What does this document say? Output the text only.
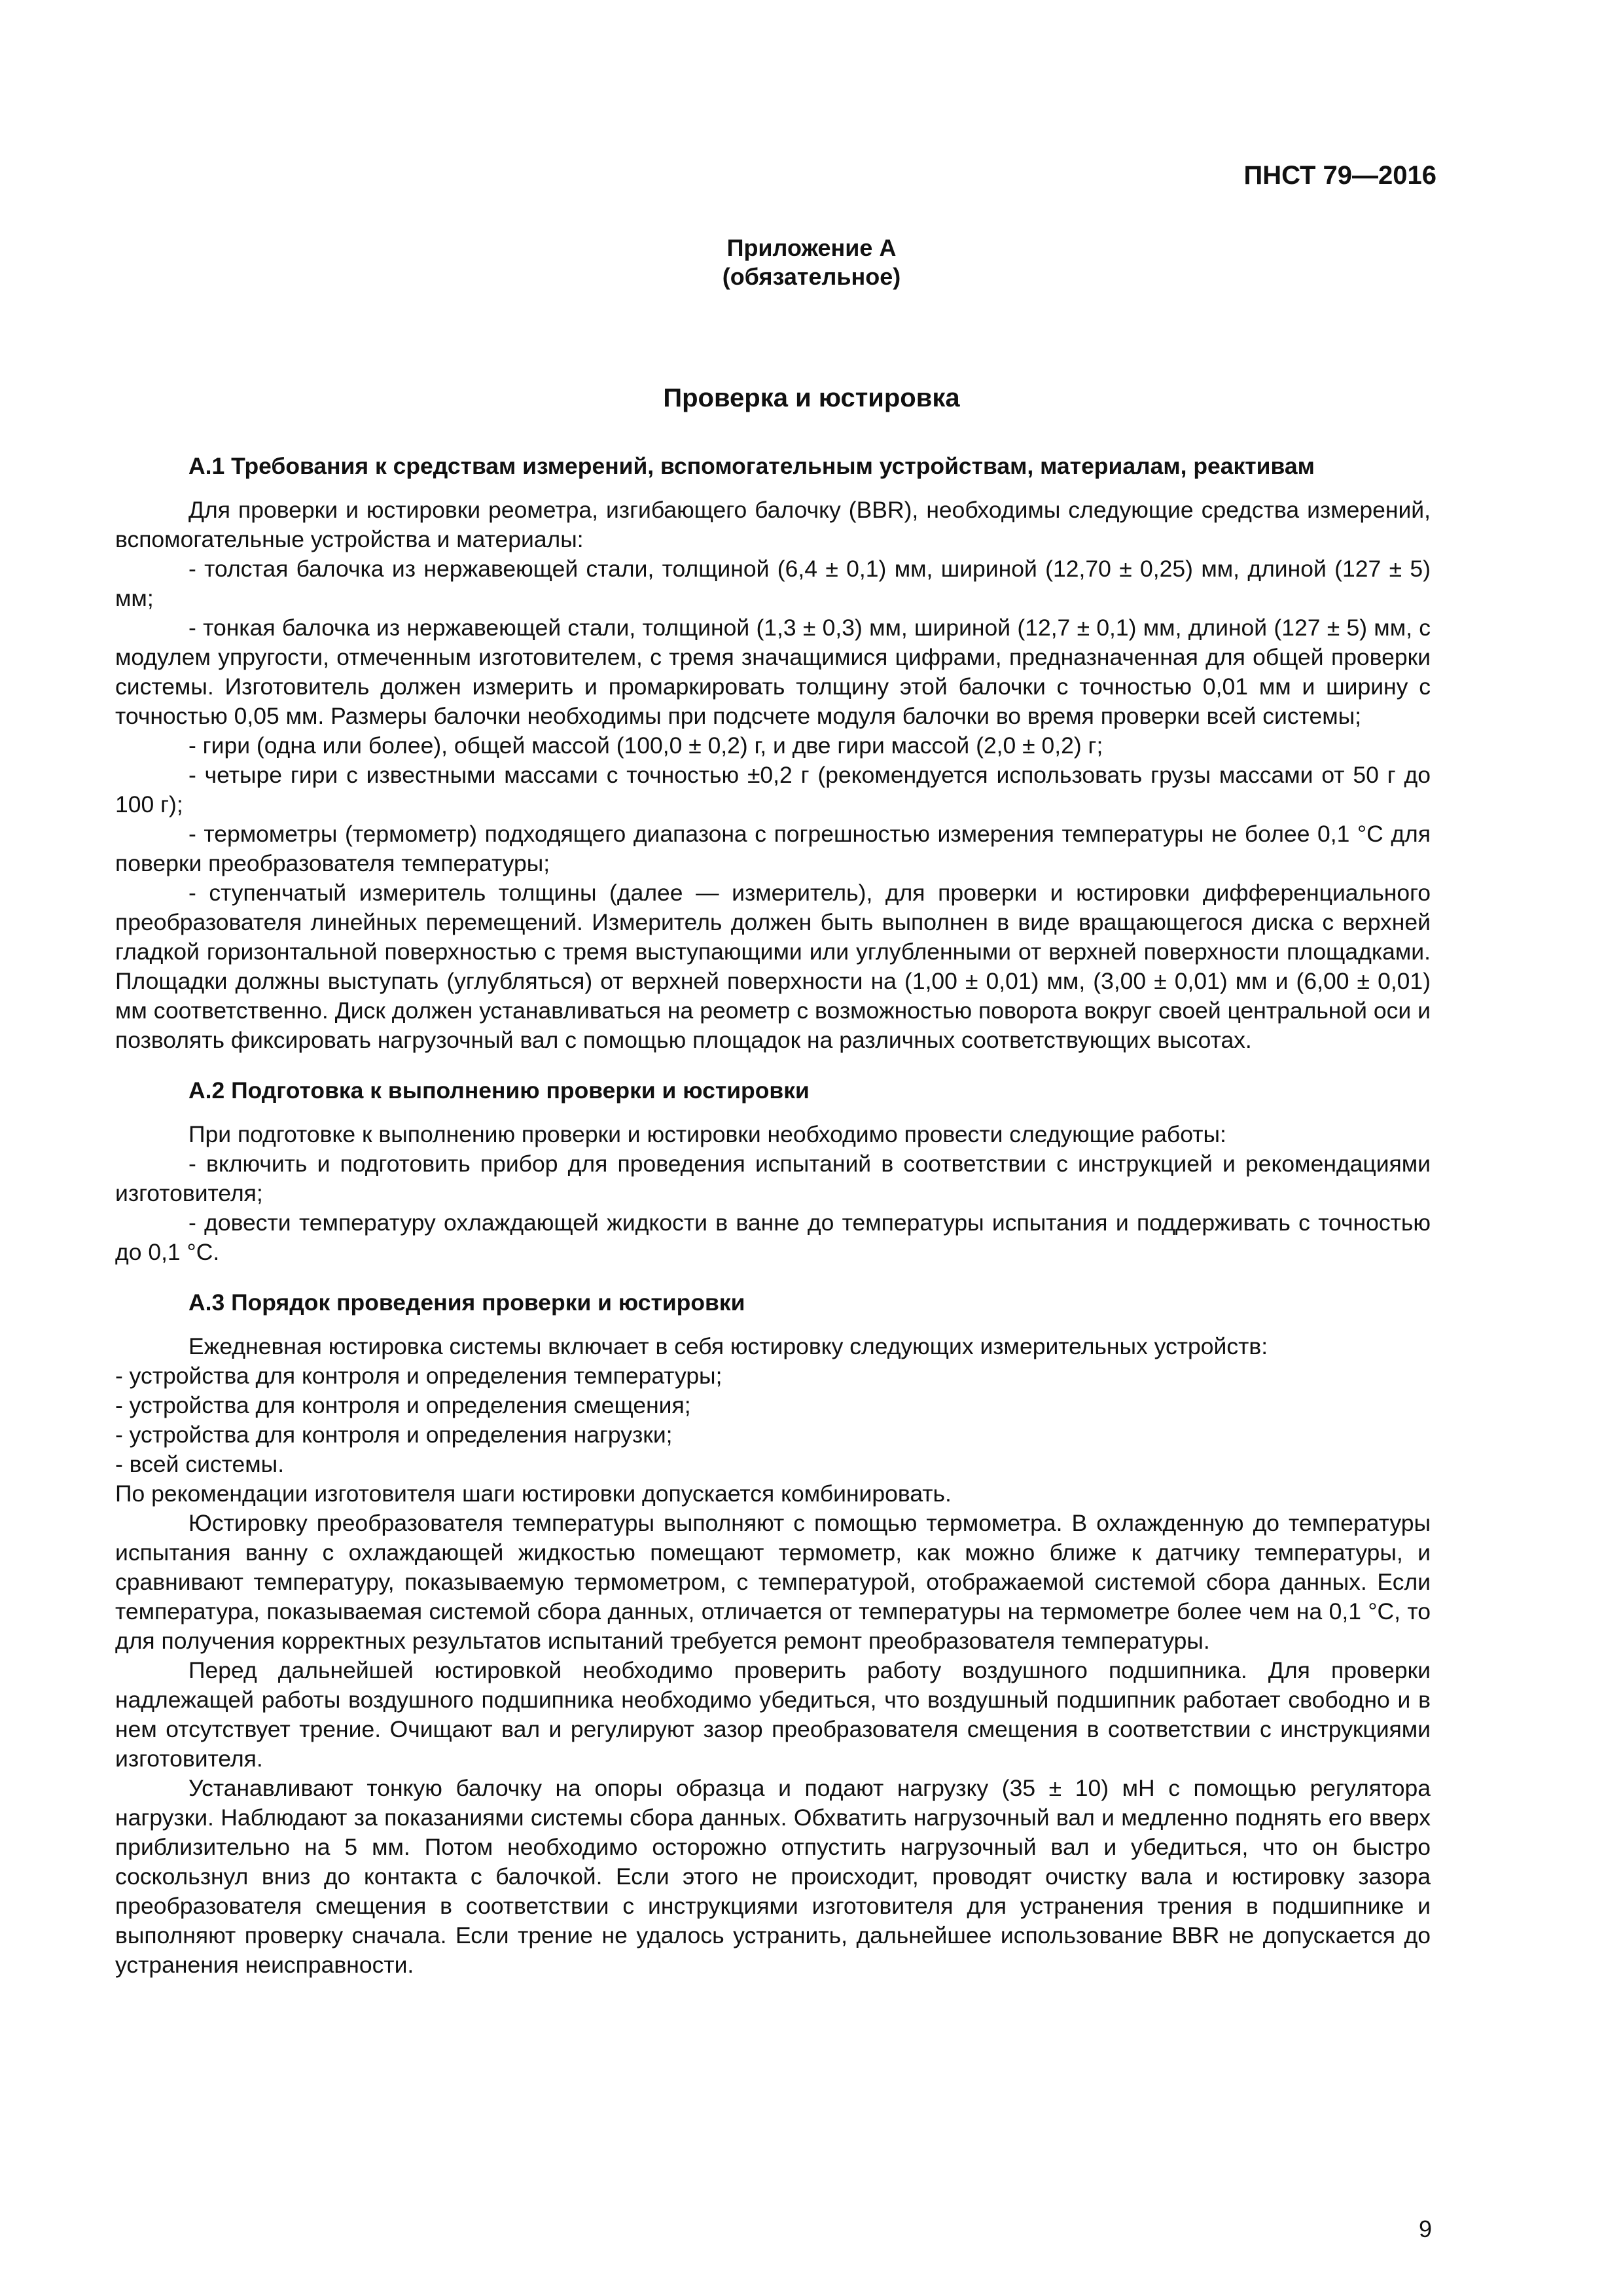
ПНСТ 79—2016
Приложение А
(обязательное)
Проверка и юстировка
А.1 Требования к средствам измерений, вспомогательным устройствам, материалам, реактивам

Для проверки и юстировки реометра, изгибающего балочку (BBR), необходимы следующие средства измерений, вспомогательные устройства и материалы:

- толстая балочка из нержавеющей стали, толщиной (6,4 ± 0,1) мм, шириной (12,70 ± 0,25) мм, длиной (127 ± 5) мм;

- тонкая балочка из нержавеющей стали, толщиной (1,3 ± 0,3) мм, шириной (12,7 ± 0,1) мм, длиной (127 ± 5) мм, с модулем упругости, отмеченным изготовителем, с тремя значащимися цифрами, предназначенная для общей проверки системы. Изготовитель должен измерить и промаркировать толщину этой балочки с точностью 0,01 мм и ширину с точностью 0,05 мм. Размеры балочки необходимы при подсчете модуля балочки во время проверки всей системы;

- гири (одна или более), общей массой (100,0 ± 0,2) г, и две гири массой (2,0 ± 0,2) г;

- четыре гири с известными массами с точностью ±0,2 г (рекомендуется использовать грузы массами от 50 г до 100 г);

- термометры (термометр) подходящего диапазона с погрешностью измерения температуры не более 0,1 °С для поверки преобразователя температуры;

- ступенчатый измеритель толщины (далее — измеритель), для проверки и юстировки дифференциального преобразователя линейных перемещений. Измеритель должен быть выполнен в виде вращающегося диска с верхней гладкой горизонтальной поверхностью с тремя выступающими или углубленными от верхней поверхности площадками. Площадки должны выступать (углубляться) от верхней поверхности на (1,00 ± 0,01) мм, (3,00 ± 0,01) мм и (6,00 ± 0,01) мм соответственно. Диск должен устанавливаться на реометр с возможностью поворота вокруг своей центральной оси и позволять фиксировать нагрузочный вал с помощью площадок на различных соответствующих высотах.

А.2 Подготовка к выполнению проверки и юстировки

При подготовке к выполнению проверки и юстировки необходимо провести следующие работы:

- включить и подготовить прибор для проведения испытаний в соответствии с инструкцией и рекомендациями изготовителя;

- довести температуру охлаждающей жидкости в ванне до температуры испытания и поддерживать с точностью до 0,1 °С.

А.3 Порядок проведения проверки и юстировки

Ежедневная юстировка системы включает в себя юстировку следующих измерительных устройств:

- устройства для контроля и определения температуры;

- устройства для контроля и определения смещения;

- устройства для контроля и определения нагрузки;

- всей системы.

По рекомендации изготовителя шаги юстировки допускается комбинировать.

Юстировку преобразователя температуры выполняют с помощью термометра. В охлажденную до температуры испытания ванну с охлаждающей жидкостью помещают термометр, как можно ближе к датчику температуры, и сравнивают температуру, показываемую термометром, с температурой, отображаемой системой сбора данных. Если температура, показываемая системой сбора данных, отличается от температуры на термометре более чем на 0,1 °С, то для получения корректных результатов испытаний требуется ремонт преобразователя температуры.

Перед дальнейшей юстировкой необходимо проверить работу воздушного подшипника. Для проверки надлежащей работы воздушного подшипника необходимо убедиться, что воздушный подшипник работает свободно и в нем отсутствует трение. Очищают вал и регулируют зазор преобразователя смещения в соответствии с инструкциями изготовителя.

Устанавливают тонкую балочку на опоры образца и подают нагрузку (35 ± 10) мН с помощью регулятора нагрузки. Наблюдают за показаниями системы сбора данных. Обхватить нагрузочный вал и медленно поднять его вверх приблизительно на 5 мм. Потом необходимо осторожно отпустить нагрузочный вал и убедиться, что он быстро соскользнул вниз до контакта с балочкой. Если этого не происходит, проводят очистку вала и юстировку зазора преобразователя смещения в соответствии с инструкциями изготовителя для устранения трения в подшипнике и выполняют проверку сначала. Если трение не удалось устранить, дальнейшее использование BBR не допускается до устранения неисправности.

9
